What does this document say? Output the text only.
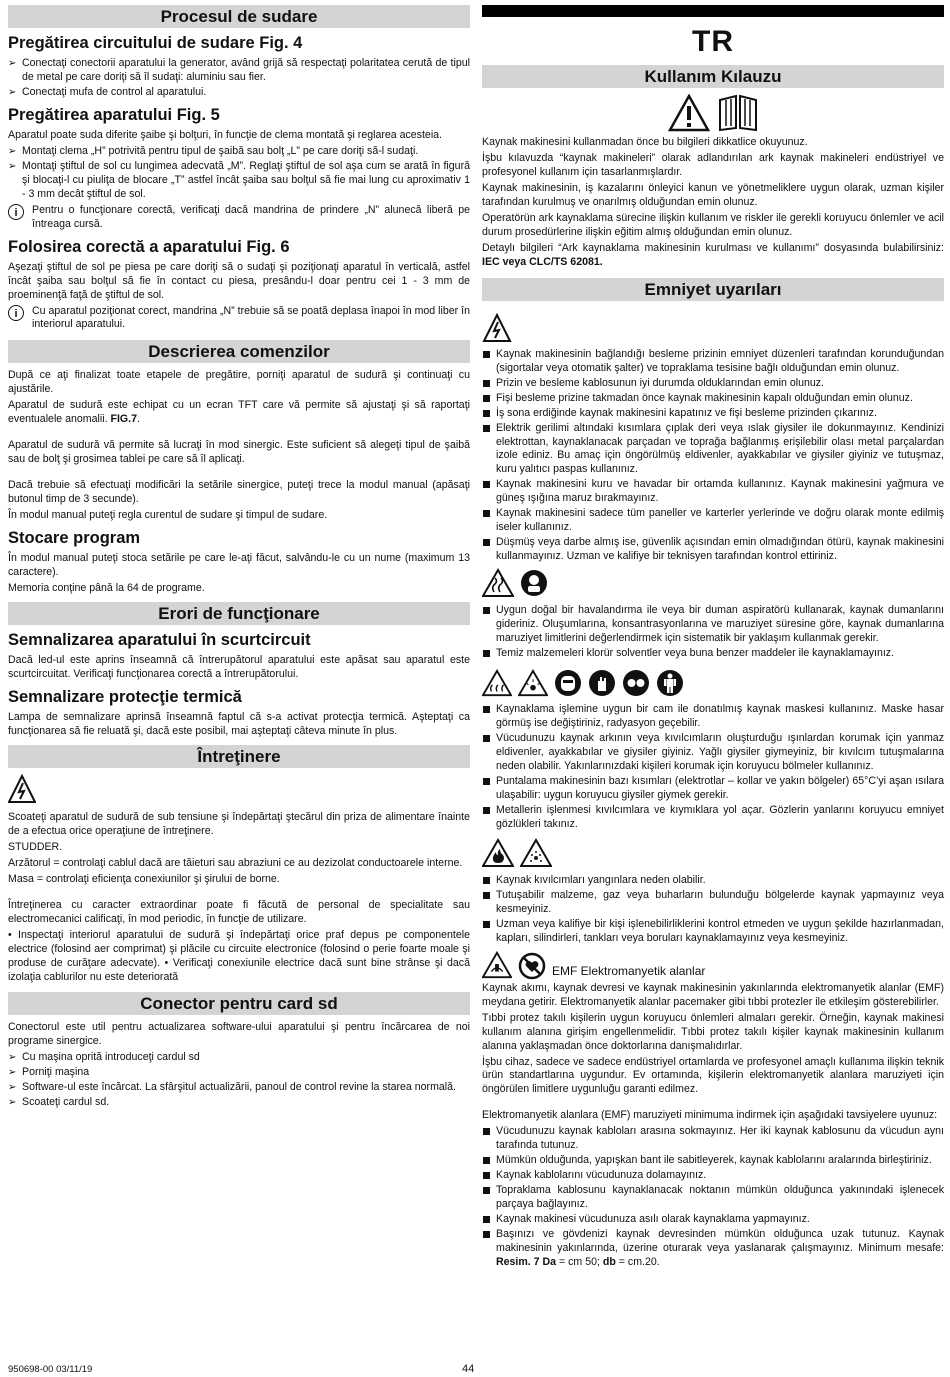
Procesul de sudare
Pregătirea circuitului de sudare Fig. 4
➢ Conectaţi conectorii aparatului la generator, având grijă să respectaţi polaritatea cerută de tipul de metal pe care doriţi să îl sudaţi: aluminiu sau fier.
➢ Conectaţi mufa de control al aparatului.
Pregătirea aparatului Fig. 5

Aparatul poate suda diferite şaibe şi bolţuri, în funcţie de clema montată şi reglarea acesteia.

➢ Montaţi clema „H” potrivită pentru tipul de şaibă sau bolţ „L” pe care doriţi să-l sudaţi.
➢ Montaţi ştiftul de sol cu lungimea adecvată „M”. Reglaţi ştiftul de sol aşa cum se arată în figură şi blocaţi-l cu piuliţa de blocare „T” astfel încât şaiba sau bolţul să fie mai lung cu aproximativ 1 - 3 mm decât ştiftul de sol.
i	Pentru o funcţionare corectă, verificaţi dacă mandrina de prindere „N” alunecă liberă pe întreaga cursă.
Folosirea corectă a aparatului Fig. 6

Aşezaţi ştiftul de sol pe piesa pe care doriţi să o sudaţi şi poziţionaţi aparatul în verticală, astfel încât şaiba sau bolţul să fie în contact cu piesa, presându-l doar pentru cei 1 - 3 mm de proeminenţă faţă de ştiftul de sol.

i	Cu aparatul poziţionat corect, mandrina „N” trebuie să se poată deplasa înapoi în mod liber în interiorul aparatului.
Descrierea comenzilor

După ce aţi finalizat toate etapele de pregătire, porniţi aparatul de sudură şi continuaţi cu ajustările.

Aparatul de sudură este echipat cu un ecran TFT care vă permite să ajustaţi şi să raportaţi eventualele anomalii. FIG.7.

Aparatul de sudură vă permite să lucraţi în mod sinergic. Este suficient să alegeţi tipul de şaibă sau de bolţ şi grosimea tablei pe care să îl aplicaţi.

Dacă trebuie să efectuaţi modificări la setările sinergice, puteţi trece la modul manual (apăsaţi butonul timp de 3 secunde).

În modul manual puteţi regla curentul de sudare şi timpul de sudare.

Stocare program

În modul manual puteţi stoca setările pe care le-aţi făcut, salvându-le cu un nume (maximum 13 caractere).

Memoria conţine până la 64 de programe.

Erori de funcţionare
Semnalizarea aparatului în scurtcircuit

Dacă led-ul este aprins înseamnă că întrerupătorul aparatului este apăsat sau aparatul este scurtcircuitat. Verificaţi funcţionarea corectă a întrerupătorului.

Semnalizare protecţie termică

Lampa de semnalizare aprinsă înseamnă faptul că s-a activat protecţia termică. Aşteptaţi ca funcţionarea să fie reluată şi, dacă este posibil, mai aşteptaţi câteva minute în plus.

Întreţinere

Scoateţi aparatul de sudură de sub tensiune şi îndepărtaţi ştecărul din priza de alimentare înainte de a efectua orice operaţiune de întreţinere.

STUDDER.

Arzătorul = controlaţi cablul dacă are tăieturi sau abraziuni ce au dezizolat conductoarele interne.

Masa = controlaţi eficienţa conexiunilor şi şirului de borne.

Întreţinerea cu caracter extraordinar poate fi făcută de personal de specialitate sau electromecanici calificaţi, în mod periodic, în funcţie de utilizare.

• Inspectaţi interiorul aparatului de sudură şi îndepărtaţi orice praf depus pe componentele electrice (folosind aer comprimat) şi plăcile cu circuite electronice (folosind o perie foarte moale şi produse de curăţare adecvate). • Verificaţi conexiunile electrice dacă sunt bine strânse şi dacă izolaţia cablurilor nu este deteriorată

Conector pentru card sd

Conectorul este util pentru actualizarea software-ului aparatului şi pentru încărcarea de noi programe sinergice.

➢ Cu maşina oprită introduceţi cardul sd
➢ Porniţi maşina
➢ Software-ul este încărcat. La sfârşitul actualizării, panoul de control revine la starea normală.
➢ Scoateţi cardul sd.
TR
Kullanım Kılauzu

Kaynak makinesini kullanmadan önce bu bilgileri dikkatlice okuyunuz.

İşbu kılavuzda “kaynak makineleri” olarak adlandırılan ark kaynak makineleri endüstriyel ve profesyonel kullanım için tasarlanmışlardır.

Kaynak makinesinin, iş kazalarını önleyici kanun ve yönetmeliklere uygun olarak, uzman kişiler tarafından kurulmuş ve onarılmış olduğundan emin olunuz.

Operatörün ark kaynaklama sürecine ilişkin kullanım ve riskler ile gerekli koruyucu önlemler ve acil durum prosedürlerine ilişkin eğitim almış olduğundan emin olunuz.

Detaylı bilgileri “Ark kaynaklama makinesinin kurulması ve kullanımı” dosyasında bulabilirsiniz: IEC veya CLC/TS 62081.

Emniyet uyarıları
Kaynak makinesinin bağlandığı besleme prizinin emniyet düzenleri tarafından korunduğundan (sigortalar veya otomatik şalter) ve topraklama tesisine bağlı olduğundan emin olunuz.
Prizin ve besleme kablosunun iyi durumda olduklarından emin olunuz.
Fişi besleme prizine takmadan önce kaynak makinesinin kapalı olduğundan emin olunuz.
İş sona erdiğinde kaynak makinesini kapatınız ve fişi besleme prizinden çıkarınız.
Elektrik gerilimi altındaki kısımlara çıplak deri veya ıslak giysiler ile dokunmayınız. Kendinizi elektrottan, kaynaklanacak parçadan ve toprağa bağlanmış erişilebilir olası metal parçalardan izole ediniz. Bu amaç için öngörülmüş eldivenler, ayakkabılar ve giysiler giyiniz ve tutuşmaz, kuru yalıtıcı paspas kullanınız.
Kaynak makinesini kuru ve havadar bir ortamda kullanınız. Kaynak makinesini yağmura ve güneş ışığına maruz bırakmayınız.
Kaynak makinesini sadece tüm paneller ve karterler yerlerinde ve doğru olarak monte edilmiş iseler kullanınız.
Düşmüş veya darbe almış ise, güvenlik açısından emin olmadığından ötürü, kaynak makinesini kullanmayınız. Uzman ve kalifiye bir teknisyen tarafından kontrol ettiriniz.
Uygun doğal bir havalandırma ile veya bir duman aspiratörü kullanarak, kaynak dumanlarını gideriniz. Oluşumlarına, konsantrasyonlarına ve maruziyet süresine göre, kaynak dumanlarına maruziyet limitlerini değerlendirmek için sistematik bir yaklaşım kullanmak gerekir.
Temiz malzemeleri klorür solventler veya buna benzer maddeler ile kaynaklamayınız.
Kaynaklama işlemine uygun bir cam ile donatılmış kaynak maskesi kullanınız. Maske hasar görmüş ise değiştiriniz, radyasyon geçebilir.
Vücudunuzu kaynak arkının veya kıvılcımların oluşturduğu ışınlardan korumak için yanmaz eldivenler, ayakkabılar ve giysiler giyiniz. Yağlı giysiler giymeyiniz, bir kıvılcım tutuşmalarına neden olabilir. Yakınlarınızdaki kişileri korumak için koruyucu bölmeler kullanınız.
Puntalama makinesinin bazı kısımları (elektrotlar – kollar ve yakın bölgeler) 65°C’yi aşan ısılara ulaşabilir: uygun koruyucu giysiler giymek gerekir.
Metallerin işlenmesi kıvılcımlara ve kıymıklara yol açar. Gözlerin yanlarını koruyucu emniyet gözlükleri takınız.
Kaynak kıvılcımları yangınlara neden olabilir.
Tutuşabilir malzeme, gaz veya buharların bulunduğu bölgelerde kaynak yapmayınız veya kesmeyiniz.
Uzman veya kalifiye bir kişi işlenebilirliklerini kontrol etmeden ve uygun şekilde hazırlanmadan, kapları, silindirleri, tankları veya boruları kaynaklamayınız veya kesmeyiniz.
EMF Elektromanyetik alanlar

Kaynak akımı, kaynak devresi ve kaynak makinesinin yakınlarında elektromanyetik alanlar (EMF) meydana getirir. Elektromanyetik alanlar pacemaker gibi tıbbi protezler ile etkileşim gösterebilirler.

Tıbbi protez takılı kişilerin uygun koruyucu önlemleri almaları gerekir. Örneğin, kaynak makinesi kullanım alanına girişim engellenmelidir. Tıbbi protez takılı kişiler kaynak makinesinin kullanım alanına yaklaşmadan önce doktorlarına danışmalıdırlar.

İşbu cihaz, sadece ve sadece endüstriyel ortamlarda ve profesyonel amaçlı kullanıma ilişkin teknik ürün standartlarına uygundur. Ev ortamında, kişilerin elektromanyetik alanlara maruziyeti için öngörülen limitlere uygunluğu garanti edilmez.

Elektromanyetik alanlara (EMF) maruziyeti minimuma indirmek için aşağıdaki tavsiyelere uyunuz:

Vücudunuzu kaynak kabloları arasına sokmayınız. Her iki kaynak kablosunu da vücudun aynı tarafında tutunuz.
Mümkün olduğunda, yapışkan bant ile sabitleyerek, kaynak kablolarını aralarında birleştiriniz.
Kaynak kablolarını vücudunuza dolamayınız.
Topraklama kablosunu kaynaklanacak noktanın mümkün olduğunca yakınındaki işlenecek parçaya bağlayınız.
Kaynak makinesi vücudunuza asılı olarak kaynaklama yapmayınız.
Başınızı ve gövdenizi kaynak devresinden mümkün olduğunca uzak tutunuz. Kaynak makinesinin yakınlarında, üzerine oturarak veya yaslanarak çalışmayınız. Minimum mesafe: Resim. 7 Da = cm 50; db = cm.20.
950698-00 03/11/19	44
